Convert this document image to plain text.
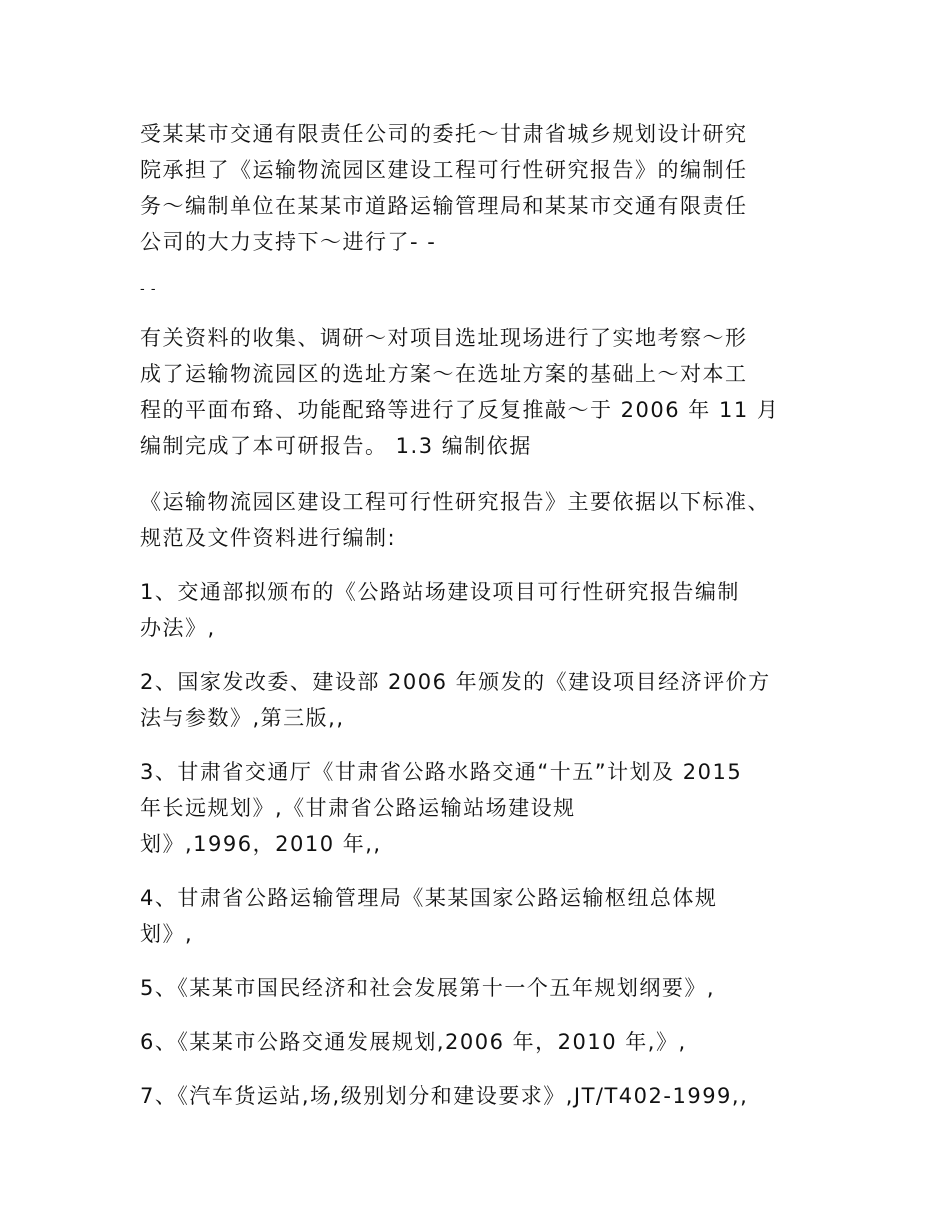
受某某市交通有限责任公司的委托～甘肃省城乡规划设计研究
院承担了《运输物流园区建设工程可行性研究报告》的编制任
务～编制单位在某某市道路运输管理局和某某市交通有限责任
公司的大力支持下～进行了- -
- -
有关资料的收集、调研～对项目选址现场进行了实地考察～形
成了运输物流园区的选址方案～在选址方案的基础上～对本工
程的平面布臵、功能配臵等进行了反复推敲～于 2006 年 11 月
编制完成了本可研报告。 1.3 编制依据
《运输物流园区建设工程可行性研究报告》主要依据以下标准、
规范及文件资料进行编制:
1、交通部拟颁布的《公路站场建设项目可行性研究报告编制
办法》,
2、国家发改委、建设部 2006 年颁发的《建设项目经济评价方
法与参数》,第三版,,
3、甘肃省交通厅《甘肃省公路水路交通“十五”计划及 2015
年长远规划》,《甘肃省公路运输站场建设规
划》,1996，2010 年,,
4、甘肃省公路运输管理局《某某国家公路运输枢纽总体规
划》,
5、《某某市国民经济和社会发展第十一个五年规划纲要》,
6、《某某市公路交通发展规划,2006 年，2010 年,》,
7、《汽车货运站,场,级别划分和建设要求》,JT/T402-1999,,
